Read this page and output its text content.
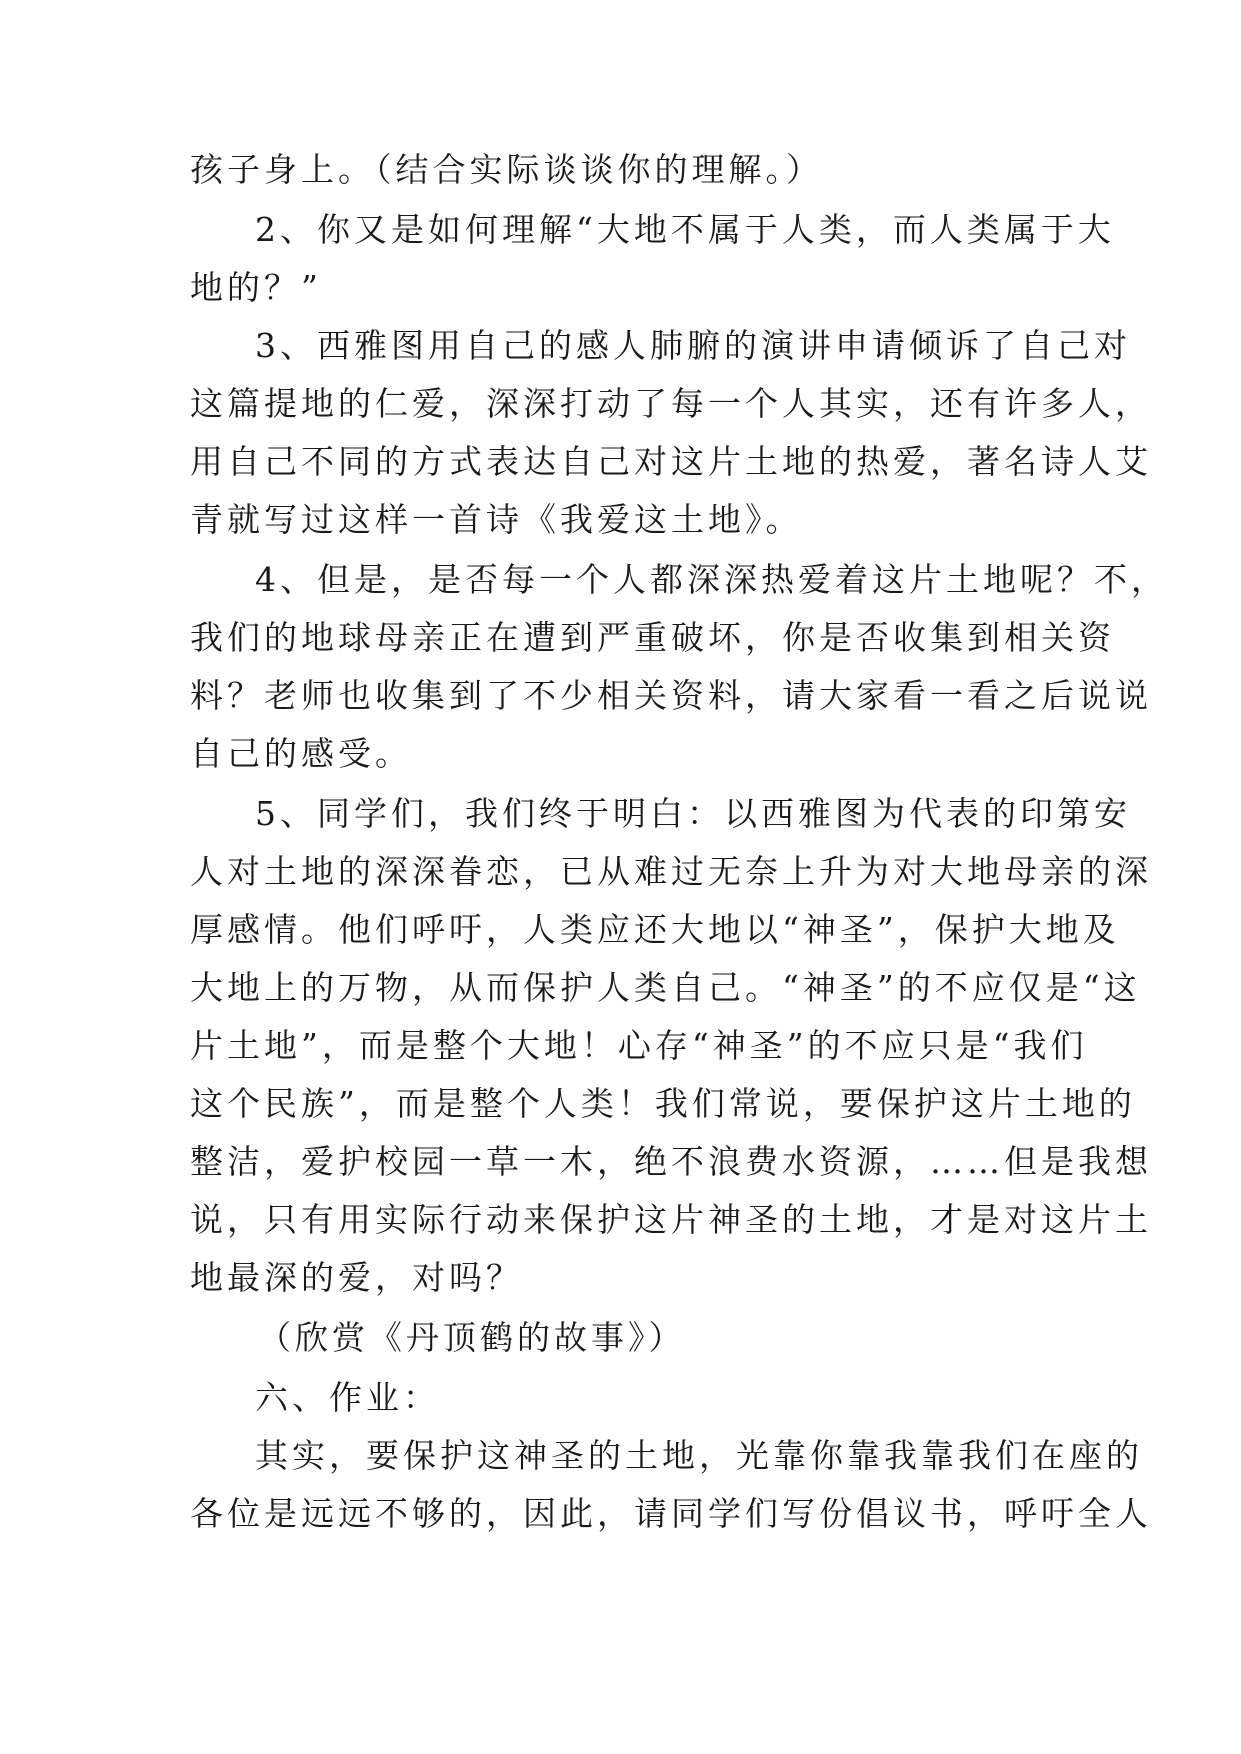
孩子身上。（结合实际谈谈你的理解。）
2、你又是如何理解“大地不属于人类，而人类属于大
地的？”
3、西雅图用自己的感人肺腑的演讲申请倾诉了自己对
这篇提地的仁爱，深深打动了每一个人其实，还有许多人，
用自己不同的方式表达自己对这片土地的热爱，著名诗人艾
青就写过这样一首诗《我爱这土地》。
4、但是，是否每一个人都深深热爱着这片土地呢？不，
我们的地球母亲正在遭到严重破坏，你是否收集到相关资
料？老师也收集到了不少相关资料，请大家看一看之后说说
自己的感受。
5、同学们，我们终于明白：以西雅图为代表的印第安
人对土地的深深眷恋，已从难过无奈上升为对大地母亲的深
厚感情。他们呼吁，人类应还大地以“神圣”，保护大地及
大地上的万物，从而保护人类自己。“神圣”的不应仅是“这
片土地”，而是整个大地！心存“神圣”的不应只是“我们
这个民族”，而是整个人类！我们常说，要保护这片土地的
整洁，爱护校园一草一木，绝不浪费水资源，……但是我想
说，只有用实际行动来保护这片神圣的土地，才是对这片土
地最深的爱，对吗？
（欣赏《丹顶鹤的故事》）
六、作业：
其实，要保护这神圣的土地，光靠你靠我靠我们在座的
各位是远远不够的，因此，请同学们写份倡议书，呼吁全人
